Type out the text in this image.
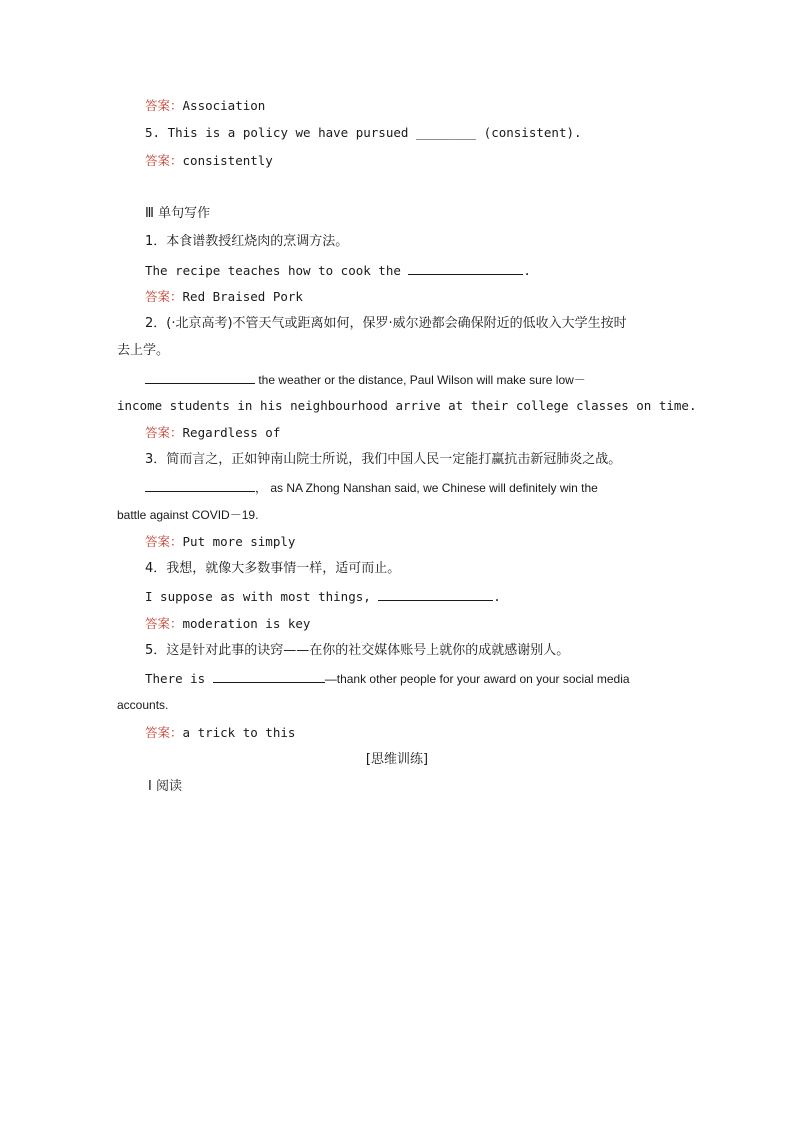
答案：Association
5. This is a policy we have pursued ________ (consistent).
答案：consistently
Ⅲ 单句写作
1．本食谱教授红烧肉的烹调方法。
The recipe teaches how to cook the	.
答案：Red Braised Pork
2．(·北京高考)不管天气或距离如何，保罗·威尔逊都会确保附近的低收入大学生按时
去上学。
the weather or the distance, Paul Wilson will make sure low－
income students in his neighbourhood arrive at their college classes on time.
答案：Regardless of
3．简而言之，正如钟南山院士所说，我们中国人民一定能打赢抗击新冠肺炎之战。
， as NA Zhong Nanshan said, we Chinese will definitely win the
battle against COVID－19.
答案：Put more simply
4．我想，就像大多数事情一样，适可而止。
I suppose as with most things,	.
答案：moderation is key
5．这是针对此事的诀窍——在你的社交媒体账号上就你的成就感谢别人。
There is	—thank other people for your award on your social media
accounts.
答案：a trick to this
[思维训练]
Ⅰ 阅读
